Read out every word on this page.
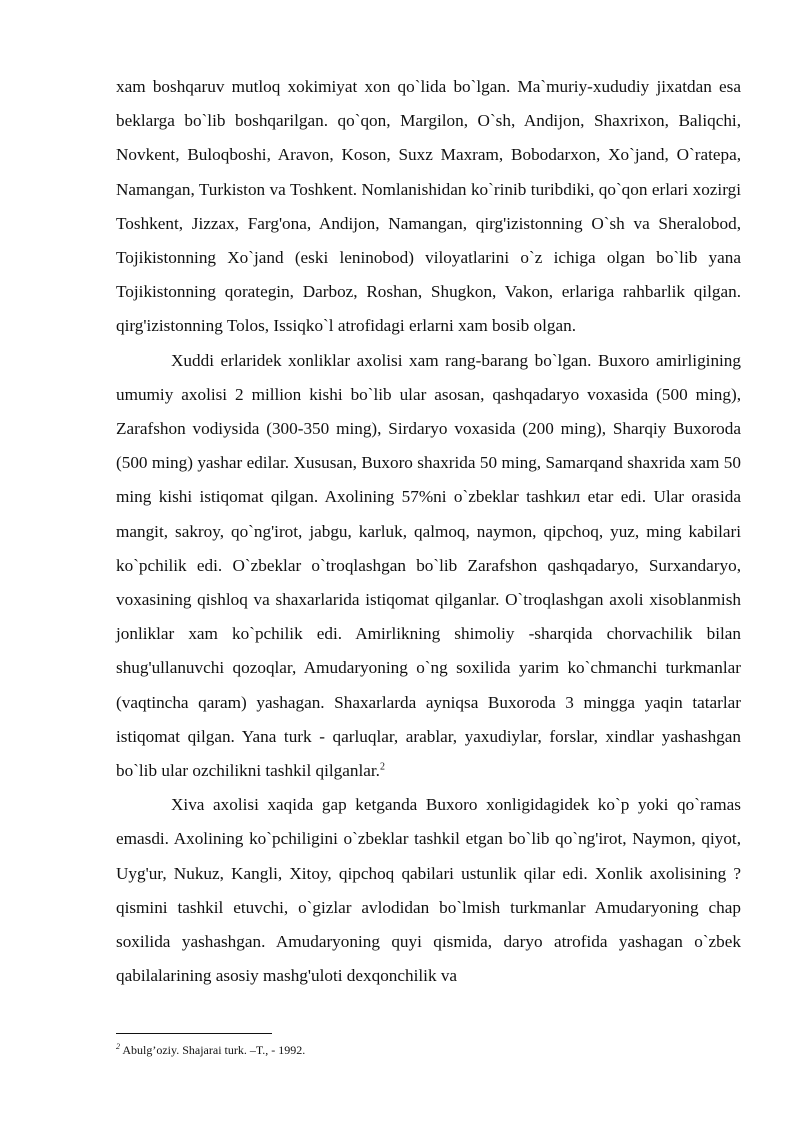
xam boshqaruv mutloq xokimiyat xon qo`lida bo`lgan. Ma`muriy-xududiy jixatdan esa beklarga bo`lib boshqarilgan. qo`qon, Margilon, O`sh, Andijon, Shaxrixon, Baliqchi, Novkent, Buloqboshi, Aravon, Koson, Suxz Maxram, Bobodarxon, Xo`jand, O`ratepa, Namangan, Turkiston va Toshkent. Nomlanishidan ko`rinib turibdiki, qo`qon erlari xozirgi Toshkent, Jizzax, Farg'ona, Andijon, Namangan, qirg'izistonning O`sh va Sheralobod, Tojikistonning Xo`jand (eski leninobod) viloyatlarini o`z ichiga olgan bo`lib yana Tojikistonning qorategin, Darboz, Roshan, Shugkon, Vakon, erlariga rahbarlik qilgan. qirg'izistonning Tolos, Issiqko`l atrofidagi erlarni xam bosib olgan.

Xuddi erlaridek xonliklar axolisi xam rang-barang bo`lgan. Buxoro amirligining umumiy axolisi 2 million kishi bo`lib ular asosan, qashqadaryo voxasida (500 ming), Zarafshon vodiysida (300-350 ming), Sirdaryo voxasida (200 ming), Sharqiy Buxoroda (500 ming) yashar edilar. Xususan, Buxoro shaxrida 50 ming, Samarqand shaxrida xam 50 ming kishi istiqomat qilgan. Axolining 57%ni o`zbeklar tashkил etar edi. Ular orasida mangit, sakroy, qo`ng'irot, jabgu, karluk, qalmoq, naymon, qipchoq, yuz, ming kabilari ko`pchilik edi. O`zbeklar o`troqlashgan bo`lib Zarafshon qashqadaryo, Surxandaryo, voxasining qishloq va shaxarlarida istiqomat qilganlar. O`troqlashgan axoli xisoblanmish jonliklar xam ko`pchilik edi. Amirlikning shimoliy -sharqida chorvachilik bilan shug'ullanuvchi qozoqlar, Amudaryoning o`ng soxilida yarim ko`chmanchi turkmanlar (vaqtincha qaram) yashagan. Shaxarlarda ayniqsa Buxoroda 3 mingga yaqin tatarlar istiqomat qilgan. Yana turk - qarluqlar, arablar, yaxudiylar, forslar, xindlar yashashgan bo`lib ular ozchilikni tashkil qilganlar.$^2$

Xiva axolisi xaqida gap ketganda Buxoro xonligidagidek ko`p yoki qo`ramas emasdi. Axolining ko`pchiligini o`zbeklar tashkil etgan bo`lib qo`ng'irot, Naymon, qiyot, Uyg'ur, Nukuz, Kangli, Xitoy, qipchoq qabilari ustunlik qilar edi. Xonlik axolisining ? qismini tashkil etuvchi, o`gizlar avlodidan bo`lmish turkmanlar Amudaryoning chap soxilida yashashgan. Amudaryoning quyi qismida, daryo atrofida yashagan o`zbek qabilalarining asosiy mashg'uloti dexqonchilik va

$^2$ Abulg’oziy. Shajarai turk. –T., - 1992.
